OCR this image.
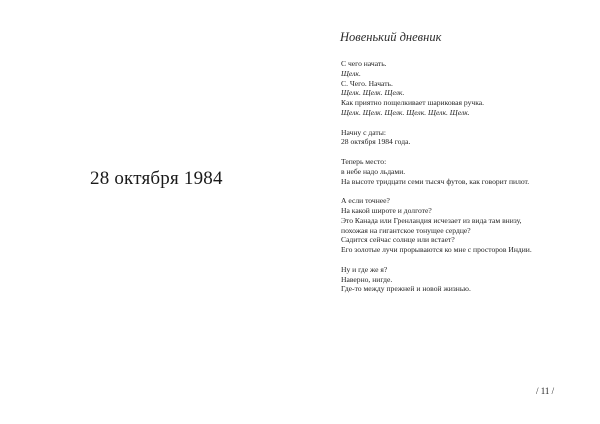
28 октября 1984
Новенький дневник
С чего начать.
Щелк.
С. Чего. Начать.
Щелк. Щелк. Щелк.
Как приятно пощелкивает шариковая ручка.
Щелк. Щелк. Щелк. Щелк. Щелк. Щелк.
Начну с даты:
28 октября 1984 года.
Теперь место:
в небе надо льдами.
На высоте тридцати семи тысяч футов, как говорит пилот.
А если точнее?
На какой широте и долготе?
Это Канада или Гренландия исчезает из вида там внизу,
похожая на гигантское тонущее сердце?
Садится сейчас солнце или встает?
Его золотые лучи прорываются ко мне с просторов Индии.
Ну и где же я?
Наверно, нигде.
Где-то между прежней и новой жизнью.
/ 11 /
